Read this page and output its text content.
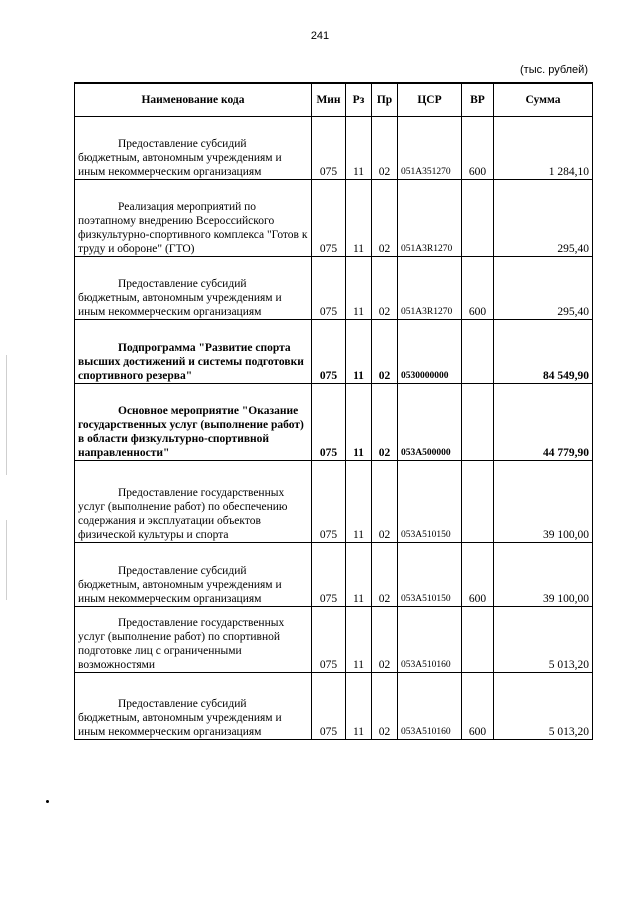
241
(тыс. рублей)
Наименование кода	Мин	Рз	Пр	ЦСР	ВР	Сумма
Предоставление субсидий бюджетным, автономным учреждениям и иным некоммерческим организациям	075	11	02	051А351270	600	1 284,10
Реализация мероприятий по поэтапному внедрению Всероссийского физкультурно-спортивного комплекса "Готов к труду и обороне" (ГТО)	075	11	02	051А3R1270		295,40
Предоставление субсидий бюджетным, автономным учреждениям и иным некоммерческим организациям	075	11	02	051А3R1270	600	295,40
Подпрограмма "Развитие спорта высших достижений и системы подготовки спортивного резерва"	075	11	02	0530000000		84 549,90
Основное мероприятие "Оказание государственных услуг (выполнение работ) в области физкультурно-спортивной направленности"	075	11	02	053А500000		44 779,90
Предоставление государственных услуг (выполнение работ) по обеспечению содержания и эксплуатации объектов физической культуры и спорта	075	11	02	053А510150		39 100,00
Предоставление субсидий бюджетным, автономным учреждениям и иным некоммерческим организациям	075	11	02	053А510150	600	39 100,00
Предоставление государственных услуг (выполнение работ) по спортивной подготовке лиц с ограниченными возможностями	075	11	02	053А510160		5 013,20
Предоставление субсидий бюджетным, автономным учреждениям и иным некоммерческим организациям	075	11	02	053А510160	600	5 013,20
